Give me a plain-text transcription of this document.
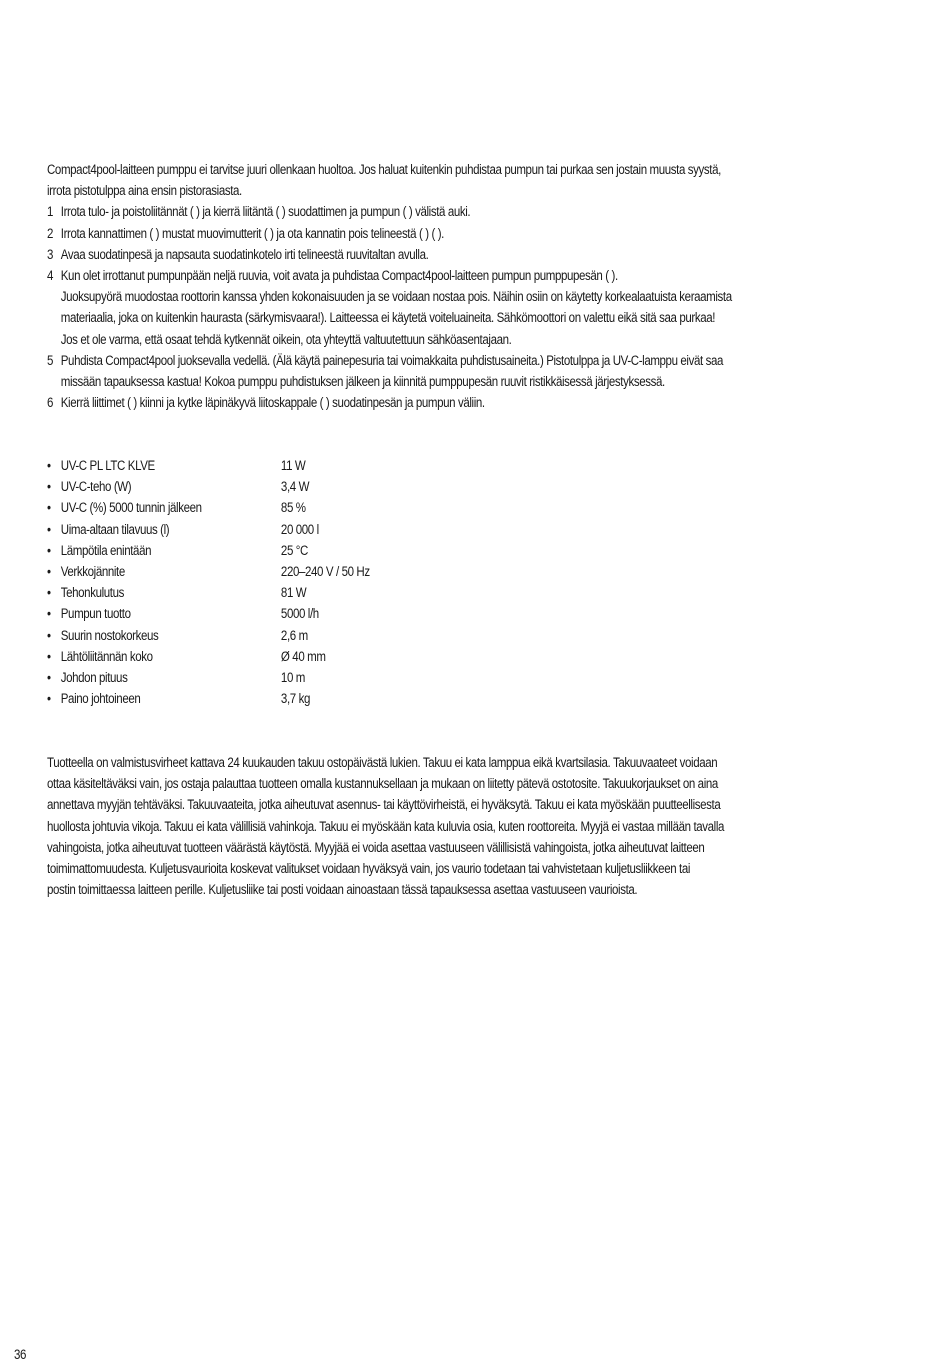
Compact4pool-laitteen pumppu ei tarvitse juuri ollenkaan huoltoa. Jos haluat kuitenkin puhdistaa pumpun tai purkaa sen jostain muusta syystä,
irrota pistotulppa aina ensin pistorasiasta.
1 Irrota tulo- ja poistoliitännät ( ) ja kierrä liitäntä ( ) suodattimen ja pumpun ( ) välistä auki.
2 Irrota kannattimen ( ) mustat muovimutterit ( ) ja ota kannatin pois telineestä ( ) ( ).
3 Avaa suodatinpesä ja napsauta suodatinkotelo irti telineestä ruuvitaltan avulla.
4 Kun olet irrottanut pumpunpään neljä ruuvia, voit avata ja puhdistaa Compact4pool-laitteen pumpun pumppupesän ( ).
Juoksupyörä muodostaa roottorin kanssa yhden kokonaisuuden ja se voidaan nostaa pois. Näihin osiin on käytetty korkealaatuista keraamista
materiaalia, joka on kuitenkin haurasta (särkymisvaara!). Laitteessa ei käytetä voiteluaineita. Sähkömoottori on valettu eikä sitä saa purkaa!
Jos et ole varma, että osaat tehdä kytkennät oikein, ota yhteyttä valtuutettuun sähköasentajaan.
5 Puhdista Compact4pool juoksevalla vedellä. (Älä käytä painepesuria tai voimakkaita puhdistusaineita.) Pistotulppa ja UV-C-lamppu eivät saa
missään tapauksessa kastua! Kokoa pumppu puhdistuksen jälkeen ja kiinnitä pumppupesän ruuvit ristikkäisessä järjestyksessä.
6 Kierrä liittimet ( ) kiinni ja kytke läpinäkyvä liitoskappale ( ) suodatinpesän ja pumpun väliin.
• UV-C PL LTC KLVE	11 W
• UV-C-teho (W)	3,4 W
• UV-C (%) 5000 tunnin jälkeen	85 %
• Uima-altaan tilavuus (l)	20 000 l
• Lämpötila enintään	25 °C
• Verkkojännite	220–240 V / 50 Hz
• Tehonkulutus	81 W
• Pumpun tuotto	5000 l/h
• Suurin nostokorkeus	2,6 m
• Lähtöliitännän koko	Ø 40 mm
• Johdon pituus	10 m
• Paino johtoineen	3,7 kg
Tuotteella on valmistusvirheet kattava 24 kuukauden takuu ostopäivästä lukien. Takuu ei kata lamppua eikä kvartsilasia. Takuuvaateet voidaan
ottaa käsiteltäväksi vain, jos ostaja palauttaa tuotteen omalla kustannuksellaan ja mukaan on liitetty pätevä ostotosite. Takuukorjaukset on aina
annettava myyjän tehtäväksi. Takuuvaateita, jotka aiheutuvat asennus- tai käyttövirheistä, ei hyväksytä. Takuu ei kata myöskään puutteellisesta
huollosta johtuvia vikoja. Takuu ei kata välillisiä vahinkoja. Takuu ei myöskään kata kuluvia osia, kuten roottoreita. Myyjä ei vastaa millään tavalla
vahingoista, jotka aiheutuvat tuotteen väärästä käytöstä. Myyjää ei voida asettaa vastuuseen välillisistä vahingoista, jotka aiheutuvat laitteen
toimimattomuudesta. Kuljetusvaurioita koskevat valitukset voidaan hyväksyä vain, jos vaurio todetaan tai vahvistetaan kuljetusliikkeen tai
postin toimittaessa laitteen perille. Kuljetusliike tai posti voidaan ainoastaan tässä tapauksessa asettaa vastuuseen vaurioista.
36
